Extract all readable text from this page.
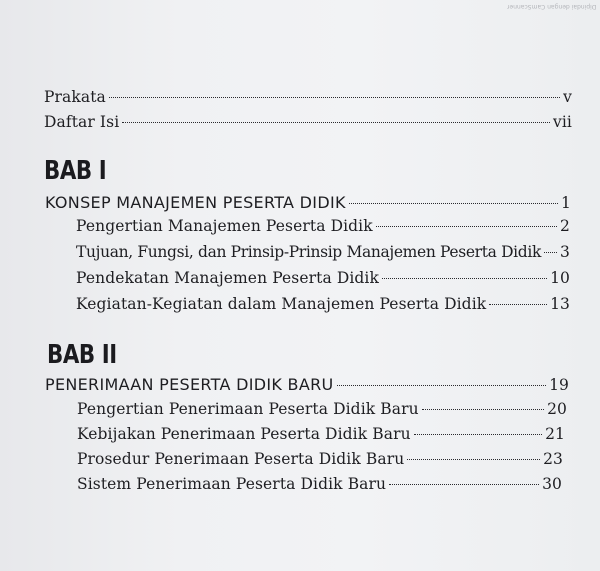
Dipindai dengan CamScanner
Prakata	v
Daftar Isi	vii
BAB I
KONSEP MANAJEMEN PESERTA DIDIK	1
Pengertian Manajemen Peserta Didik	2
Tujuan, Fungsi, dan Prinsip-Prinsip Manajemen Peserta Didik 3
Pendekatan Manajemen Peserta Didik	10
Kegiatan-Kegiatan dalam Manajemen Peserta Didik	13
BAB II
PENERIMAAN PESERTA DIDIK BARU	19
Pengertian Penerimaan Peserta Didik Baru	20
Kebijakan Penerimaan Peserta Didik Baru	21
Prosedur Penerimaan Peserta Didik Baru	23
Sistem Penerimaan Peserta Didik Baru	30
